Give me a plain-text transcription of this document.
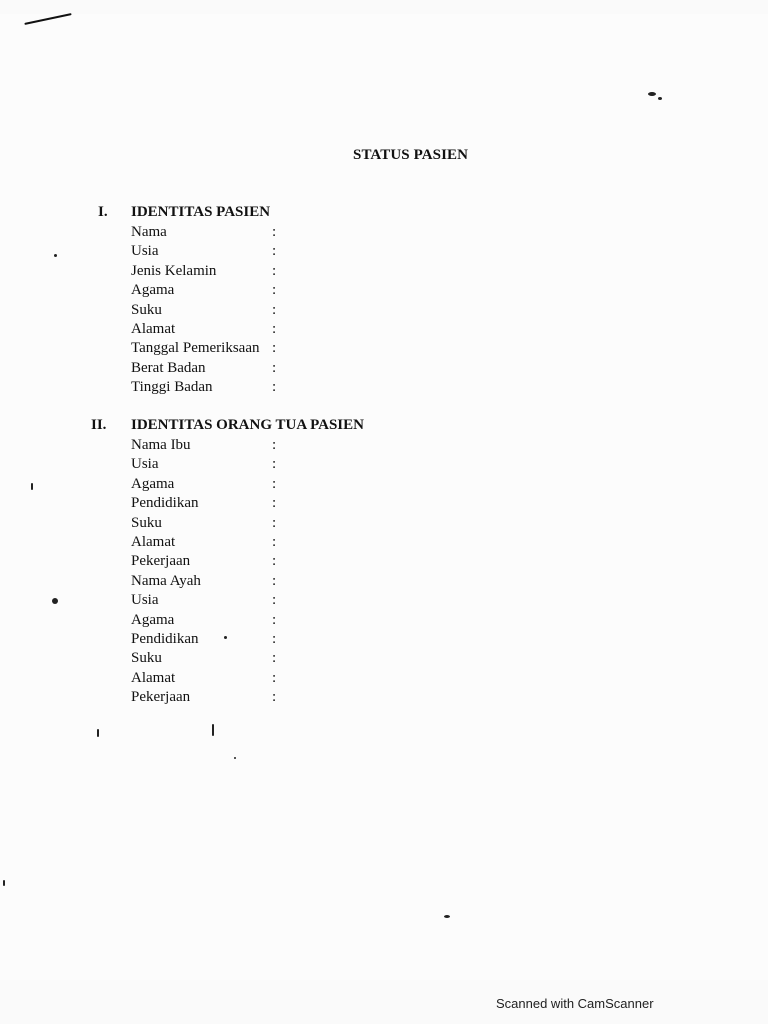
STATUS PASIEN
I. IDENTITAS PASIEN
Nama	:
Usia	:
Jenis Kelamin	:
Agama	:
Suku	:
Alamat	:
Tanggal Pemeriksaan :
Berat Badan	:
Tinggi Badan	:
II. IDENTITAS ORANG TUA PASIEN
Nama Ibu	:
Usia	:
Agama	:
Pendidikan	:
Suku	:
Alamat	:
Pekerjaan	:
Nama Ayah	:
Usia	:
Agama	:
Pendidikan	:
Suku	:
Alamat	:
Pekerjaan	:
Scanned with CamScanner
